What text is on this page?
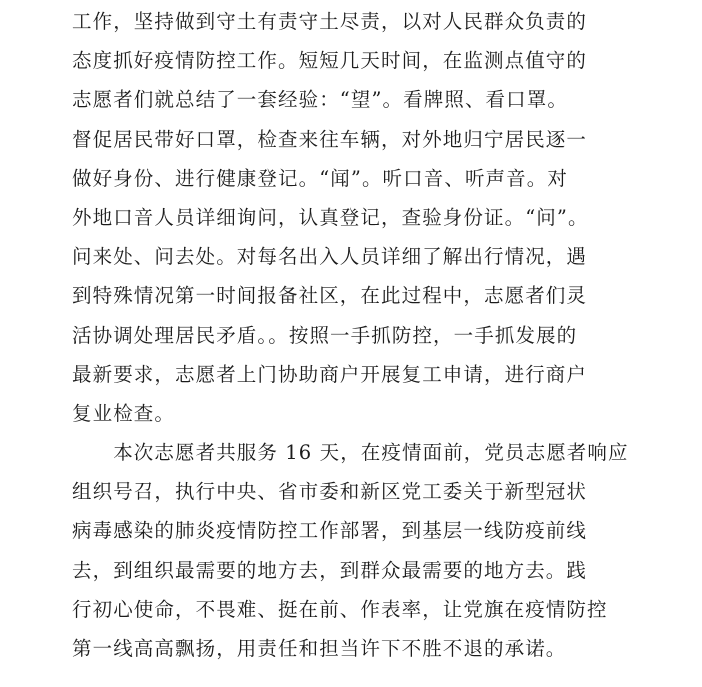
工作，坚持做到守土有责守土尽责，以对人民群众负责的
态度抓好疫情防控工作。短短几天时间，在监测点值守的
志愿者们就总结了一套经验：“望”。看牌照、看口罩。
督促居民带好口罩，检查来往车辆，对外地归宁居民逐一
做好身份、进行健康登记。“闻”。听口音、听声音。对
外地口音人员详细询问，认真登记，查验身份证。“问”。
问来处、问去处。对每名出入人员详细了解出行情况，遇
到特殊情况第一时间报备社区，在此过程中，志愿者们灵
活协调处理居民矛盾。。按照一手抓防控，一手抓发展的
最新要求，志愿者上门协助商户开展复工申请，进行商户
复业检查。
　　本次志愿者共服务 16 天，在疫情面前，党员志愿者响应
组织号召，执行中央、省市委和新区党工委关于新型冠状
病毒感染的肺炎疫情防控工作部署，到基层一线防疫前线
去，到组织最需要的地方去，到群众最需要的地方去。践
行初心使命，不畏难、挺在前、作表率，让党旗在疫情防控
第一线高高飘扬，用责任和担当许下不胜不退的承诺。
